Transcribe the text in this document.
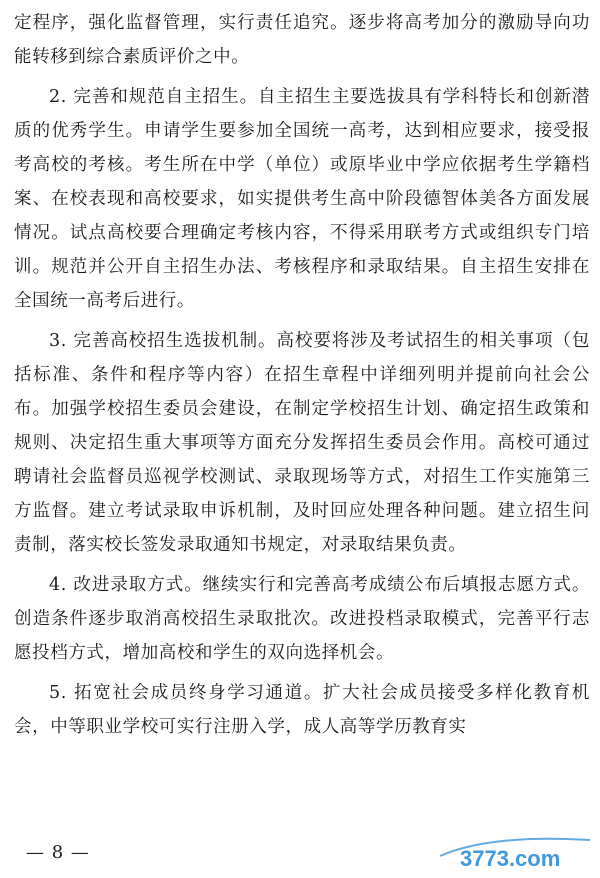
定程序，强化监督管理，实行责任追究。逐步将高考加分的激励导向功能转移到综合素质评价之中。

2. 完善和规范自主招生。自主招生主要选拔具有学科特长和创新潜质的优秀学生。申请学生要参加全国统一高考，达到相应要求，接受报考高校的考核。考生所在中学（单位）或原毕业中学应依据考生学籍档案、在校表现和高校要求，如实提供考生高中阶段德智体美各方面发展情况。试点高校要合理确定考核内容，不得采用联考方式或组织专门培训。规范并公开自主招生办法、考核程序和录取结果。自主招生安排在全国统一高考后进行。

3. 完善高校招生选拔机制。高校要将涉及考试招生的相关事项（包括标准、条件和程序等内容）在招生章程中详细列明并提前向社会公布。加强学校招生委员会建设，在制定学校招生计划、确定招生政策和规则、决定招生重大事项等方面充分发挥招生委员会作用。高校可通过聘请社会监督员巡视学校测试、录取现场等方式，对招生工作实施第三方监督。建立考试录取申诉机制，及时回应处理各种问题。建立招生问责制，落实校长签发录取通知书规定，对录取结果负责。

4. 改进录取方式。继续实行和完善高考成绩公布后填报志愿方式。创造条件逐步取消高校招生录取批次。改进投档录取模式，完善平行志愿投档方式，增加高校和学生的双向选择机会。

5. 拓宽社会成员终身学习通道。扩大社会成员接受多样化教育机会，中等职业学校可实行注册入学，成人高等学历教育实

— 8 —	3773.com
